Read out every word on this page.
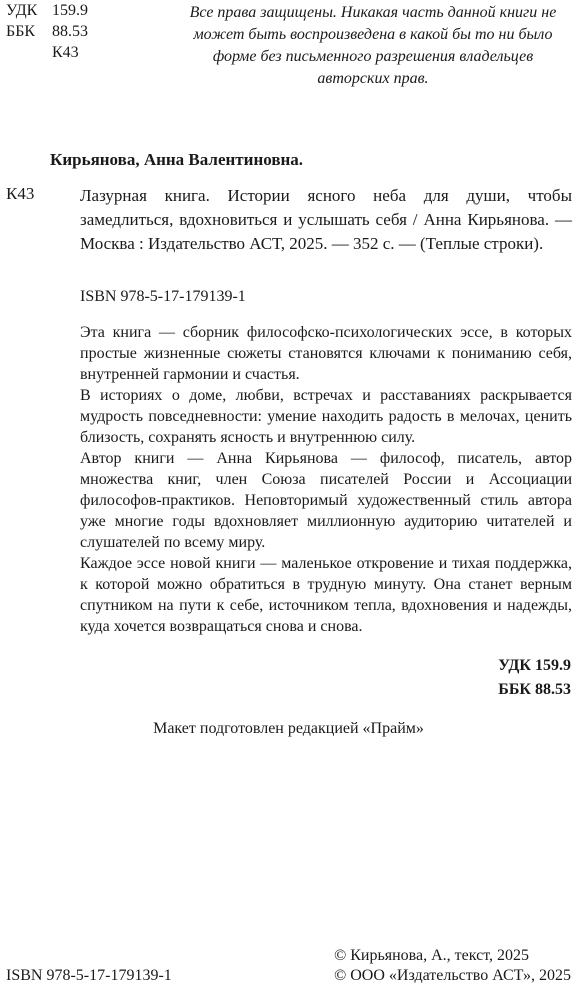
УДК 159.9
ББК	88.53
К43
Все права защищены. Никакая часть данной книги не может быть воспроизведена в какой бы то ни было форме без письменного разрешения владельцев авторских прав.
Кирьянова, Анна Валентиновна.
К43	Лазурная книга. Истории ясного неба для души, чтобы замедлиться, вдохновиться и услышать себя / Анна Кирьянова. — Москва : Издательство АСТ, 2025. — 352 с. — (Теплые строки).
ISBN 978-5-17-179139-1

Эта книга — сборник философско-психологических эссе, в которых простые жизненные сюжеты становятся ключами к пониманию себя, внутренней гармонии и счастья.

В историях о доме, любви, встречах и расставаниях раскрывается мудрость повседневности: умение находить радость в мелочах, ценить близость, сохранять ясность и внутреннюю силу.

Автор книги — Анна Кирьянова — философ, писатель, автор множества книг, член Союза писателей России и Ассоциации философов-практиков. Неповторимый художественный стиль автора уже многие годы вдохновляет миллионную аудиторию читателей и слушателей по всему миру.

Каждое эссе новой книги — маленькое откровение и тихая поддержка, к которой можно обратиться в трудную минуту. Она станет верным спутником на пути к себе, источником тепла, вдохновения и надежды, куда хочется возвращаться снова и снова.

УДК 159.9
ББК 88.53
Макет подготовлен редакцией «Прайм»
© Кирьянова, А., текст, 2025
© ООО «Издательство АСТ», 2025
ISBN 978-5-17-179139-1
